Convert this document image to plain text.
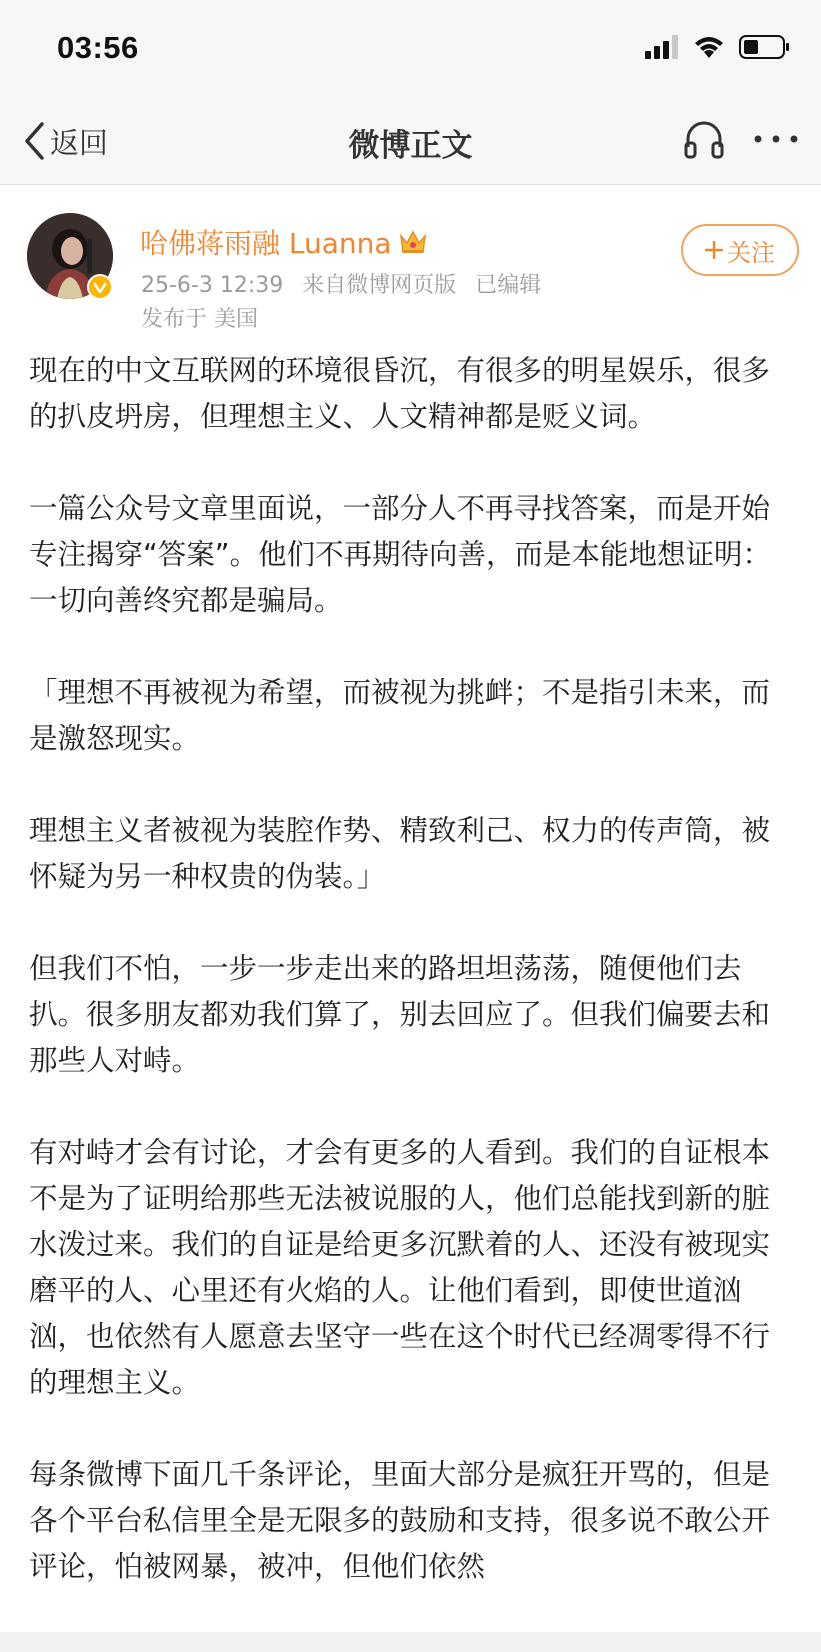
03:56
返回	微博正文
哈佛蒋雨融 Luanna
25-6-3 12:39 来自微博网页版 已编辑
发布于 美国
关注

现在的中文互联网的环境很昏沉，有很多的明星娱乐，很多的扒皮坍房，但理想主义、人文精神都是贬义词。

一篇公众号文章里面说，一部分人不再寻找答案，而是开始专注揭穿“答案”。他们不再期待向善，而是本能地想证明：一切向善终究都是骗局。

「理想不再被视为希望，而被视为挑衅；不是指引未来，而是激怒现实。

理想主义者被视为装腔作势、精致利己、权力的传声筒，被怀疑为另一种权贵的伪装。」

但我们不怕，一步一步走出来的路坦坦荡荡，随便他们去扒。很多朋友都劝我们算了，别去回应了。但我们偏要去和那些人对峙。

有对峙才会有讨论，才会有更多的人看到。我们的自证根本不是为了证明给那些无法被说服的人，他们总能找到新的脏水泼过来。我们的自证是给更多沉默着的人、还没有被现实磨平的人、心里还有火焰的人。让他们看到，即使世道汹汹，也依然有人愿意去坚守一些在这个时代已经凋零得不行的理想主义。

每条微博下面几千条评论，里面大部分是疯狂开骂的，但是各个平台私信里全是无限多的鼓励和支持，很多说不敢公开评论，怕被网暴，被冲，但他们依然
